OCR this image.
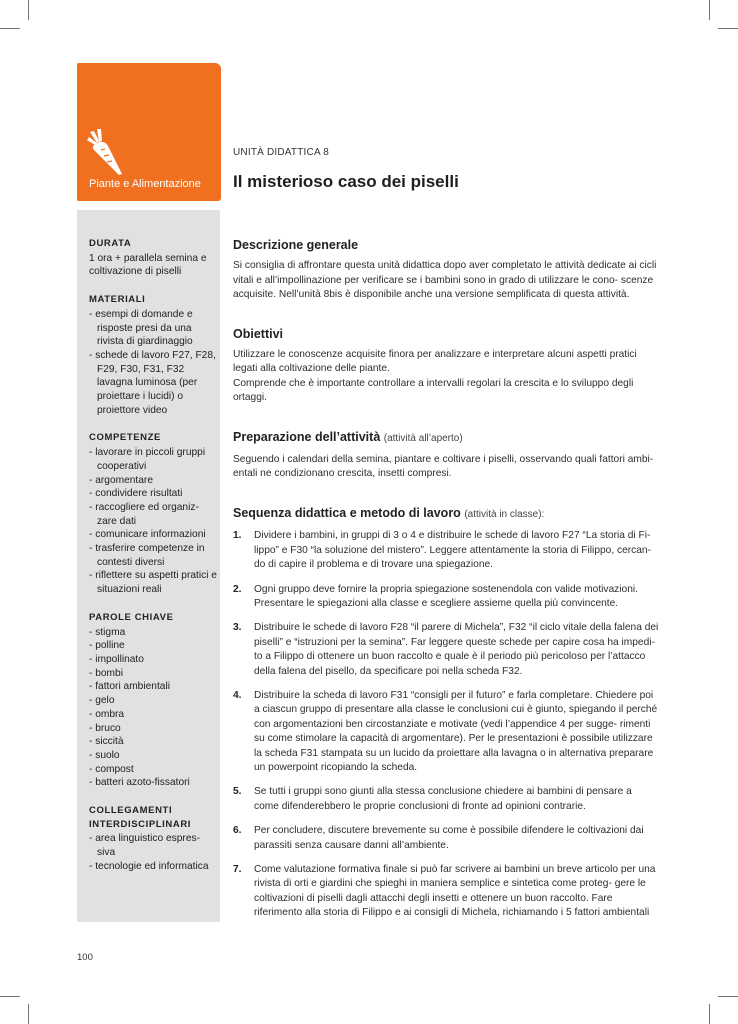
Piante e Alimentazione
DURATA
1 ora + parallela semina e coltivazione di piselli
MATERIALI
- esempi di domande e risposte presi da una rivista di giardinaggio
- schede di lavoro F27, F28, F29, F30, F31, F32 lavagna luminosa (per proiettare i lucidi) o proiettore video
COMPETENZE
- lavorare in piccoli gruppi cooperativi
- argomentare
- condividere risultati
- raccogliere ed organiz- zare dati
- comunicare informazioni
- trasferire competenze in contesti diversi
- riflettere su aspetti pratici e situazioni reali
PAROLE CHIAVE
- stigma
- polline
- impollinato
- bombi
- fattori ambientali
- gelo
- ombra
- bruco
- siccità
- suolo
- compost
- batteri azoto-fissatori
COLLEGAMENTI INTERDISCIPLINARI
- area linguistico espres- siva
- tecnologie ed informatica
UNITÀ DIDATTICA 8
Il misterioso caso dei piselli
Descrizione generale

Si consiglia di affrontare questa unità didattica dopo aver completato le attività dedicate ai cicli vitali e all’impollinazione per verificare se i bambini sono in grado di utilizzare le cono- scenze acquisite. Nell’unità 8bis è disponibile anche una versione semplificata di questa attività.

Obiettivi

Utilizzare le conoscenze acquisite finora per analizzare e interpretare alcuni aspetti pratici legati alla coltivazione delle piante.

Comprende che è importante controllare a intervalli regolari la crescita e lo sviluppo degli ortaggi.

Preparazione dell’attività (attività all’aperto)

Seguendo i calendari della semina, piantare e coltivare i piselli, osservando quali fattori ambi- entali ne condizionano crescita, insetti compresi.

Sequenza didattica e metodo di lavoro (attività in classe):
1. Dividere i bambini, in gruppi di 3 o 4 e distribuire le schede di lavoro F27 “La storia di Fi- lippo” e F30 “la soluzione del mistero”. Leggere attentamente la storia di Filippo, cercan- do di capire il problema e di trovare una spiegazione.
2. Ogni gruppo deve fornire la propria spiegazione sostenendola con valide motivazioni. Presentare le spiegazioni alla classe e scegliere assieme quella più convincente.
3. Distribuire le schede di lavoro F28 “il parere di Michela”, F32 “il ciclo vitale della falena dei piselli” e “istruzioni per la semina”. Far leggere queste schede per capire cosa ha impedi- to a Filippo di ottenere un buon raccolto e quale è il periodo più pericoloso per l’attacco della falena del pisello, da specificare poi nella scheda F32.
4. Distribuire la scheda di lavoro F31 “consigli per il futuro” e farla completare. Chiedere poi a ciascun gruppo di presentare alla classe le conclusioni cui è giunto, spiegando il perché con argomentazioni ben circostanziate e motivate (vedi l’appendice 4 per sugge- rimenti su come stimolare la capacità di argomentare). Per le presentazioni è possibile utilizzare la scheda F31 stampata su un lucido da proiettare alla lavagna o in alternativa preparare un powerpoint ricopiando la scheda.
5. Se tutti i gruppi sono giunti alla stessa conclusione chiedere ai bambini di pensare a come difenderebbero le proprie conclusioni di fronte ad opinioni contrarie.
6. Per concludere, discutere brevemente su come è possibile difendere le coltivazioni dai parassiti senza causare danni all’ambiente.
7. Come valutazione formativa finale si può far scrivere ai bambini un breve articolo per una rivista di orti e giardini che spieghi in maniera semplice e sintetica come proteg- gere le coltivazioni di piselli dagli attacchi degli insetti e ottenere un buon raccolto. Fare riferimento alla storia di Filippo e ai consigli di Michela, richiamando i 5 fattori ambientali
100
